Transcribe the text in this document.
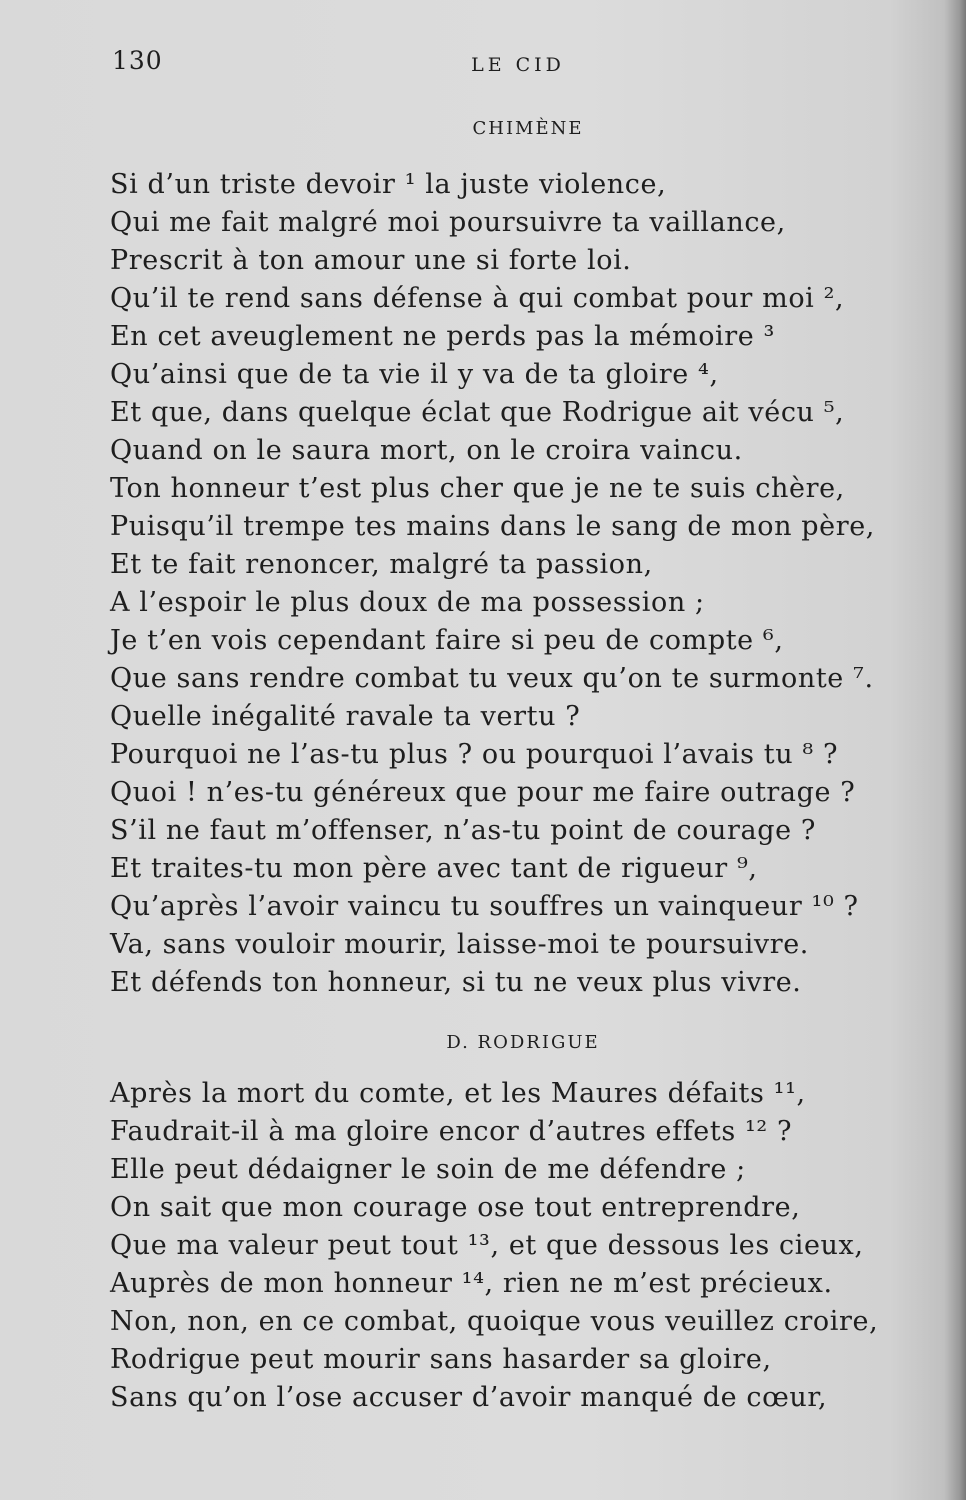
130	LE CID
CHIMÈNE
Si d’un triste devoir ¹ la juste violence,
Qui me fait malgré moi poursuivre ta vaillance,
Prescrit à ton amour une si forte loi.
Qu’il te rend sans défense à qui combat pour moi ²,
En cet aveuglement ne perds pas la mémoire ³
Qu’ainsi que de ta vie il y va de ta gloire ⁴,
Et que, dans quelque éclat que Rodrigue ait vécu ⁵,
Quand on le saura mort, on le croira vaincu.
Ton honneur t’est plus cher que je ne te suis chère,
Puisqu’il trempe tes mains dans le sang de mon père,
Et te fait renoncer, malgré ta passion,
A l’espoir le plus doux de ma possession ;
Je t’en vois cependant faire si peu de compte ⁶,
Que sans rendre combat tu veux qu’on te surmonte ⁷.
Quelle inégalité ravale ta vertu ?
Pourquoi ne l’as-tu plus ? ou pourquoi l’avais tu ⁸ ?
Quoi ! n’es-tu généreux que pour me faire outrage ?
S’il ne faut m’offenser, n’as-tu point de courage ?
Et traites-tu mon père avec tant de rigueur ⁹,
Qu’après l’avoir vaincu tu souffres un vainqueur ¹⁰ ?
Va, sans vouloir mourir, laisse-moi te poursuivre.
Et défends ton honneur, si tu ne veux plus vivre.
D. RODRIGUE
Après la mort du comte, et les Maures défaits ¹¹,
Faudrait-il à ma gloire encor d’autres effets ¹² ?
Elle peut dédaigner le soin de me défendre ;
On sait que mon courage ose tout entreprendre,
Que ma valeur peut tout ¹³, et que dessous les cieux,
Auprès de mon honneur ¹⁴, rien ne m’est précieux.
Non, non, en ce combat, quoique vous veuillez croire,
Rodrigue peut mourir sans hasarder sa gloire,
Sans qu’on l’ose accuser d’avoir manqué de cœur,
